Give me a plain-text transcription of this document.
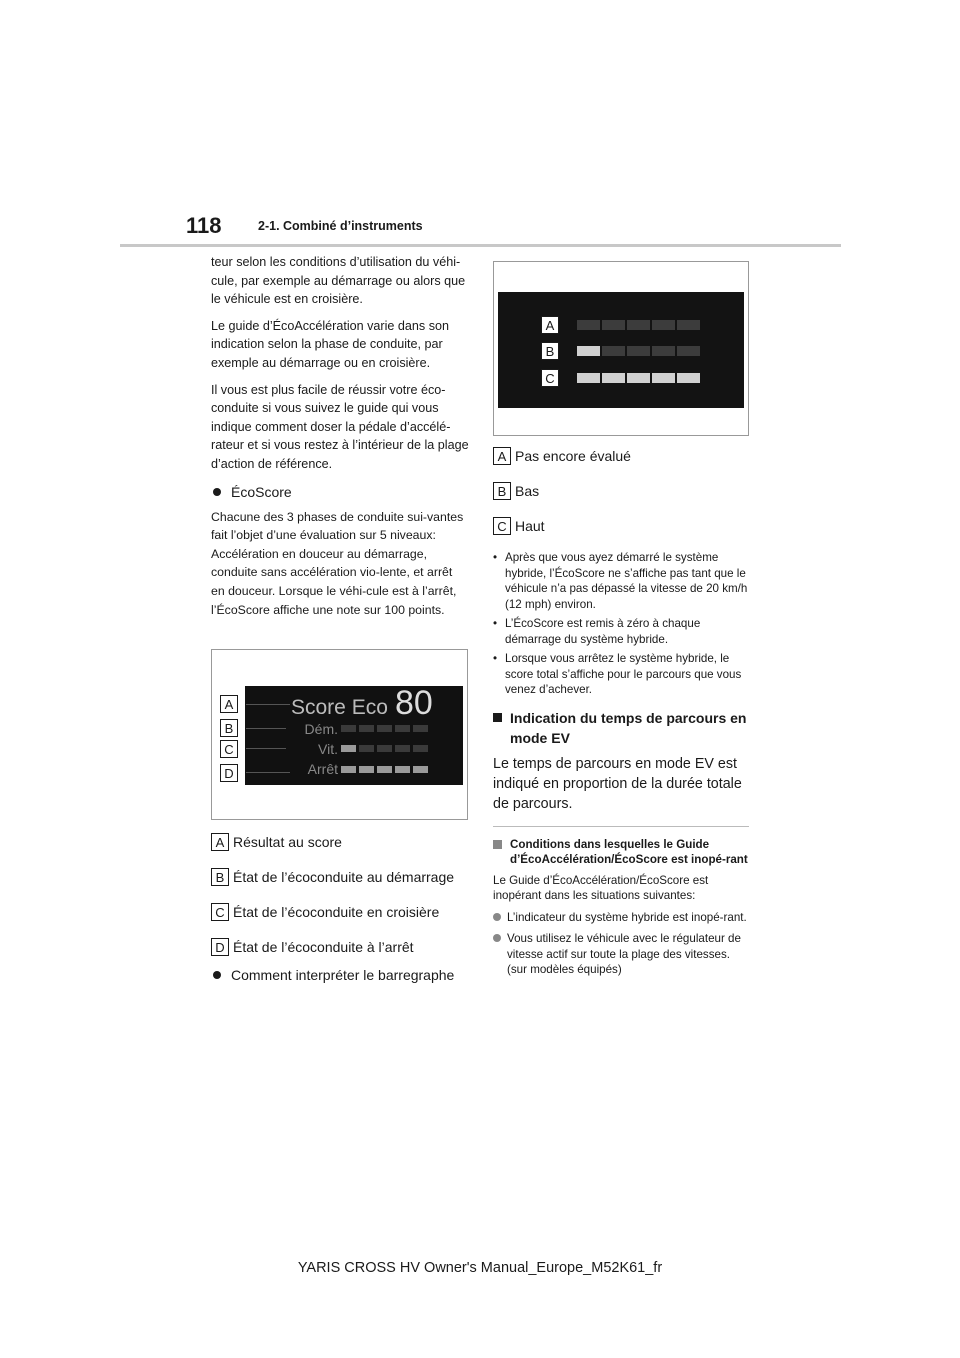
118	2-1. Combiné d’instruments

teur selon les conditions d’utilisation du véhi-cule, par exemple au démarrage ou alors que le véhicule est en croisière.

Le guide d’ÉcoAccélération varie dans son indication selon la phase de conduite, par exemple au démarrage ou en croisière.

Il vous est plus facile de réussir votre éco-conduite si vous suivez le guide qui vous indique comment doser la pédale d’accélé-rateur et si vous restez à l’intérieur de la plage d’action de référence.

ÉcoScore

Chacune des 3 phases de conduite sui-vantes fait l’objet d’une évaluation sur 5 niveaux: Accélération en douceur au démarrage, conduite sans accélération vio-lente, et arrêt en douceur. Lorsque le véhi-cule est à l’arrêt, l’ÉcoScore affiche une note sur 100 points.

Score Eco 80
Dém.
Vit.
Arrêt
A
B
C
D
A Résultat au score
B État de l’écoconduite au démarrage
C État de l’écoconduite en croisière
D État de l’écoconduite à l’arrêt
Comment interpréter le barregraphe
A
B
C
A Pas encore évalué
B Bas
C Haut
• Après que vous ayez démarré le système hybride, l’ÉcoScore ne s’affiche pas tant que le véhicule n’a pas dépassé la vitesse de 20 km/h (12 mph) environ.
• L’ÉcoScore est remis à zéro à chaque démarrage du système hybride.
• Lorsque vous arrêtez le système hybride, le score total s’affiche pour le parcours que vous venez d’achever.
Indication du temps de parcours en mode EV
Le temps de parcours en mode EV est indiqué en proportion de la durée totale de parcours.
Conditions dans lesquelles le Guide d’ÉcoAccélération/ÉcoScore est inopé-rant
Le Guide d’ÉcoAccélération/ÉcoScore est inopérant dans les situations suivantes:
L’indicateur du système hybride est inopé-rant.
Vous utilisez le véhicule avec le régulateur de vitesse actif sur toute la plage des vitesses. (sur modèles équipés)
YARIS CROSS HV Owner's Manual_Europe_M52K61_fr
